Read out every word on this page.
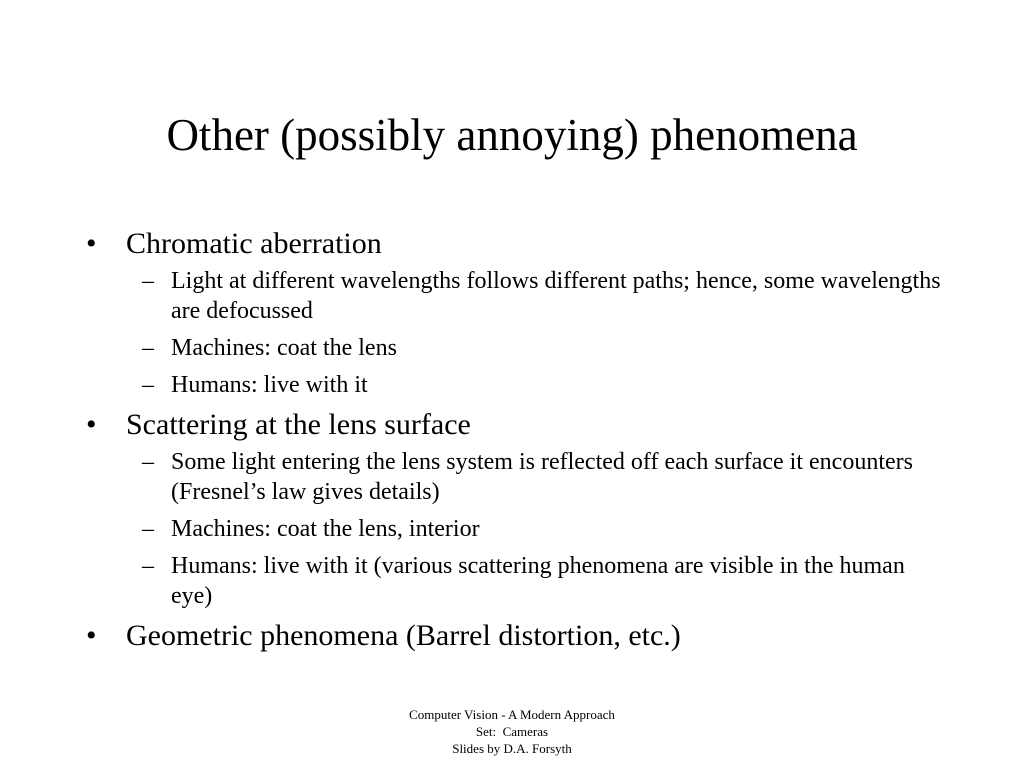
Other (possibly annoying) phenomena
• Chromatic aberration
– Light at different wavelengths follows different paths; hence, some wavelengths are defocussed
– Machines: coat the lens
– Humans: live with it
• Scattering at the lens surface
– Some light entering the lens system is reflected off each surface it encounters (Fresnel’s law gives details)
– Machines: coat the lens, interior
– Humans: live with it (various scattering phenomena are visible in the human eye)
• Geometric phenomena (Barrel distortion, etc.)
Computer Vision - A Modern Approach
Set:  Cameras
Slides by D.A. Forsyth
